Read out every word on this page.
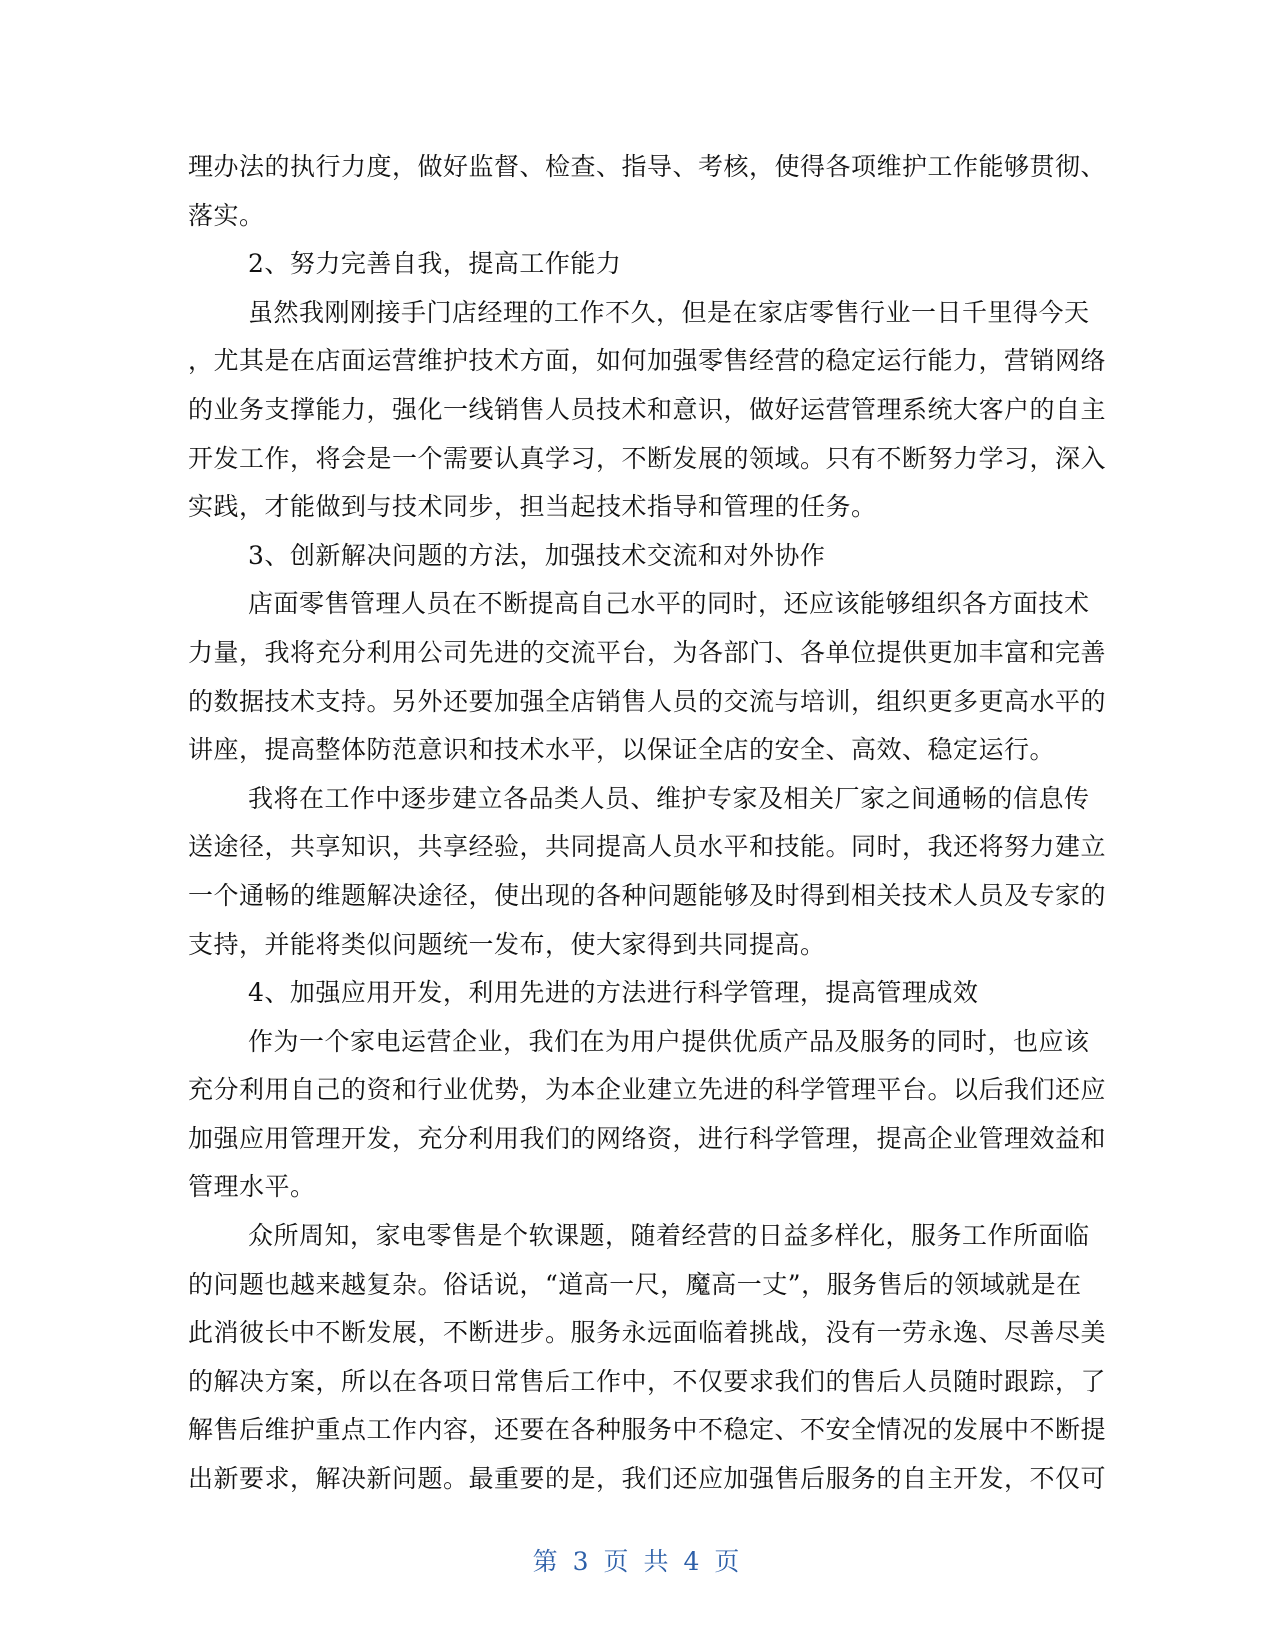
理办法的执行力度，做好监督、检查、指导、考核，使得各项维护工作能够贯彻、
落实。
2、努力完善自我，提高工作能力
虽然我刚刚接手门店经理的工作不久，但是在家店零售行业一日千里得今天
，尤其是在店面运营维护技术方面，如何加强零售经营的稳定运行能力，营销网络
的业务支撑能力，强化一线销售人员技术和意识，做好运营管理系统大客户的自主
开发工作，将会是一个需要认真学习，不断发展的领域。只有不断努力学习，深入
实践，才能做到与技术同步，担当起技术指导和管理的任务。
3、创新解决问题的方法，加强技术交流和对外协作
店面零售管理人员在不断提高自己水平的同时，还应该能够组织各方面技术
力量，我将充分利用公司先进的交流平台，为各部门、各单位提供更加丰富和完善
的数据技术支持。另外还要加强全店销售人员的交流与培训，组织更多更高水平的
讲座，提高整体防范意识和技术水平，以保证全店的安全、高效、稳定运行。
我将在工作中逐步建立各品类人员、维护专家及相关厂家之间通畅的信息传
送途径，共享知识，共享经验，共同提高人员水平和技能。同时，我还将努力建立
一个通畅的维题解决途径，使出现的各种问题能够及时得到相关技术人员及专家的
支持，并能将类似问题统一发布，使大家得到共同提高。
4、加强应用开发，利用先进的方法进行科学管理，提高管理成效
作为一个家电运营企业，我们在为用户提供优质产品及服务的同时，也应该
充分利用自己的资和行业优势，为本企业建立先进的科学管理平台。以后我们还应
加强应用管理开发，充分利用我们的网络资，进行科学管理，提高企业管理效益和
管理水平。
众所周知，家电零售是个软课题，随着经营的日益多样化，服务工作所面临
的问题也越来越复杂。俗话说，“道高一尺，魔高一丈”，服务售后的领域就是在
此消彼长中不断发展，不断进步。服务永远面临着挑战，没有一劳永逸、尽善尽美
的解决方案，所以在各项日常售后工作中，不仅要求我们的售后人员随时跟踪，了
解售后维护重点工作内容，还要在各种服务中不稳定、不安全情况的发展中不断提
出新要求，解决新问题。最重要的是，我们还应加强售后服务的自主开发，不仅可
第 3 页 共 4 页
